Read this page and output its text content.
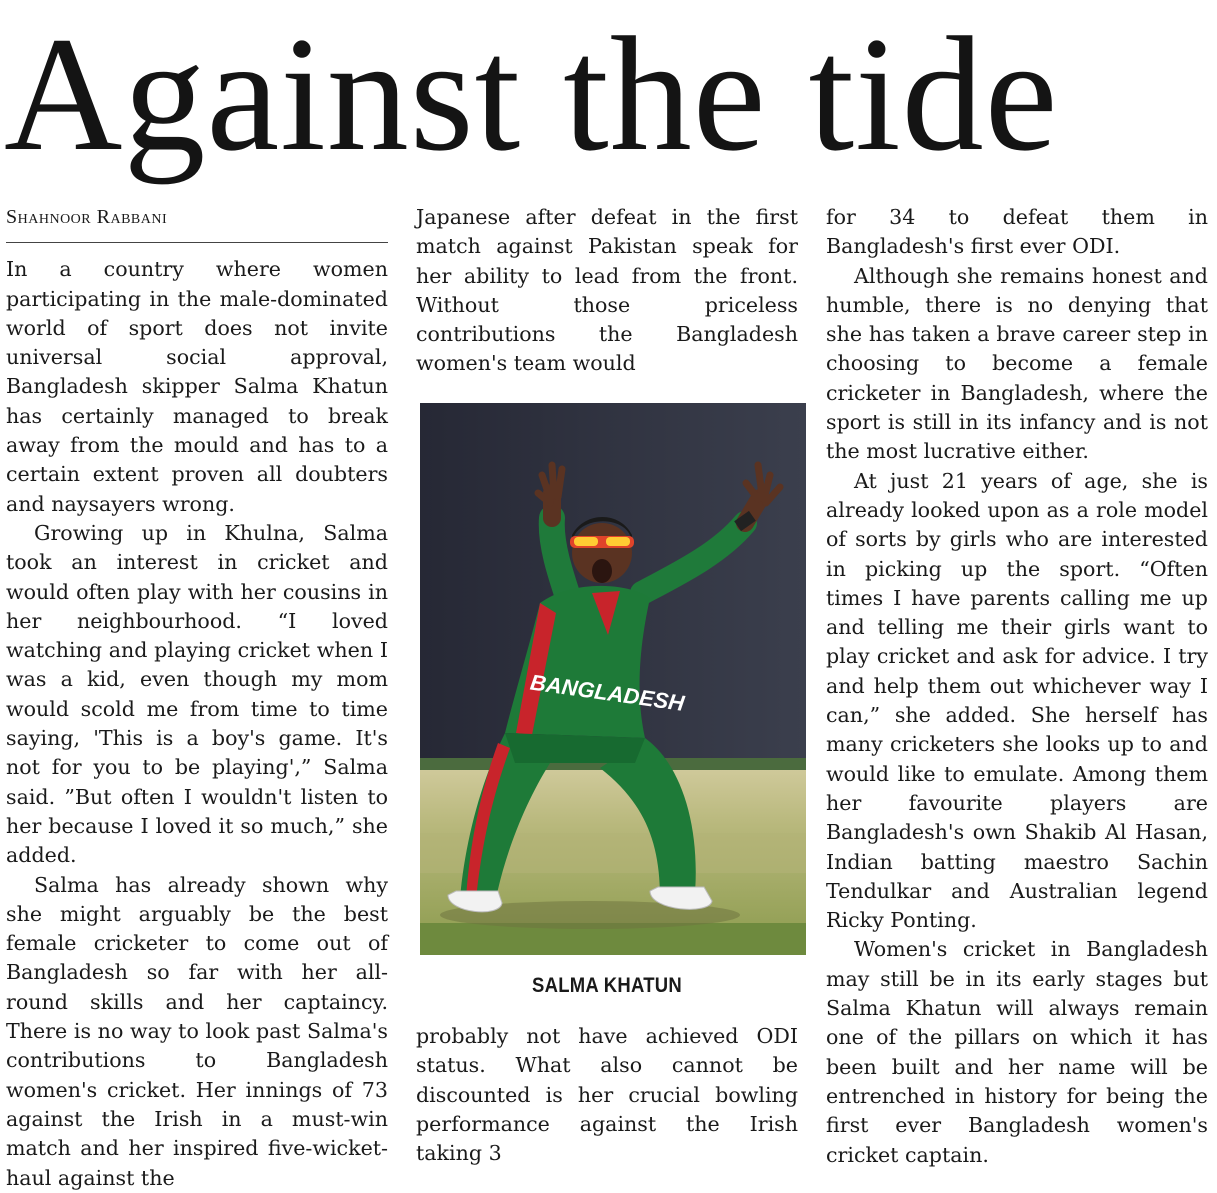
Against the tide
Shahnoor Rabbani

In a country where women participating in the male-dominated world of sport does not invite universal social approval, Bangladesh skipper Salma Khatun has certainly managed to break away from the mould and has to a certain extent proven all doubters and naysayers wrong.

Growing up in Khulna, Salma took an interest in cricket and would often play with her cousins in her neighbourhood. “I loved watching and playing cricket when I was a kid, even though my mom would scold me from time to time saying, 'This is a boy's game. It's not for you to be playing',” Salma said. ”But often I wouldn't listen to her because I loved it so much,” she added.

Salma has already shown why she might arguably be the best female cricketer to come out of Bangladesh so far with her all-round skills and her captaincy. There is no way to look past Salma's contributions to Bangladesh women's cricket. Her innings of 73 against the Irish in a must-win match and her inspired five-wicket-haul against the

Japanese after defeat in the first match against Pakistan speak for her ability to lead from the front. Without those priceless contributions the Bangladesh women's team would

BANGLADESH
SALMA KHATUN

probably not have achieved ODI status. What also cannot be discounted is her crucial bowling performance against the Irish taking 3

for 34 to defeat them in Bangladesh's first ever ODI.

Although she remains honest and humble, there is no denying that she has taken a brave career step in choosing to become a female cricketer in Bangladesh, where the sport is still in its infancy and is not the most lucrative either.

At just 21 years of age, she is already looked upon as a role model of sorts by girls who are interested in picking up the sport. “Often times I have parents calling me up and telling me their girls want to play cricket and ask for advice. I try and help them out whichever way I can,” she added. She herself has many cricketers she looks up to and would like to emulate. Among them her favourite players are Bangladesh's own Shakib Al Hasan, Indian batting maestro Sachin Tendulkar and Australian legend Ricky Ponting.

Women's cricket in Bangladesh may still be in its early stages but Salma Khatun will always remain one of the pillars on which it has been built and her name will be entrenched in history for being the first ever Bangladesh women's cricket captain.
